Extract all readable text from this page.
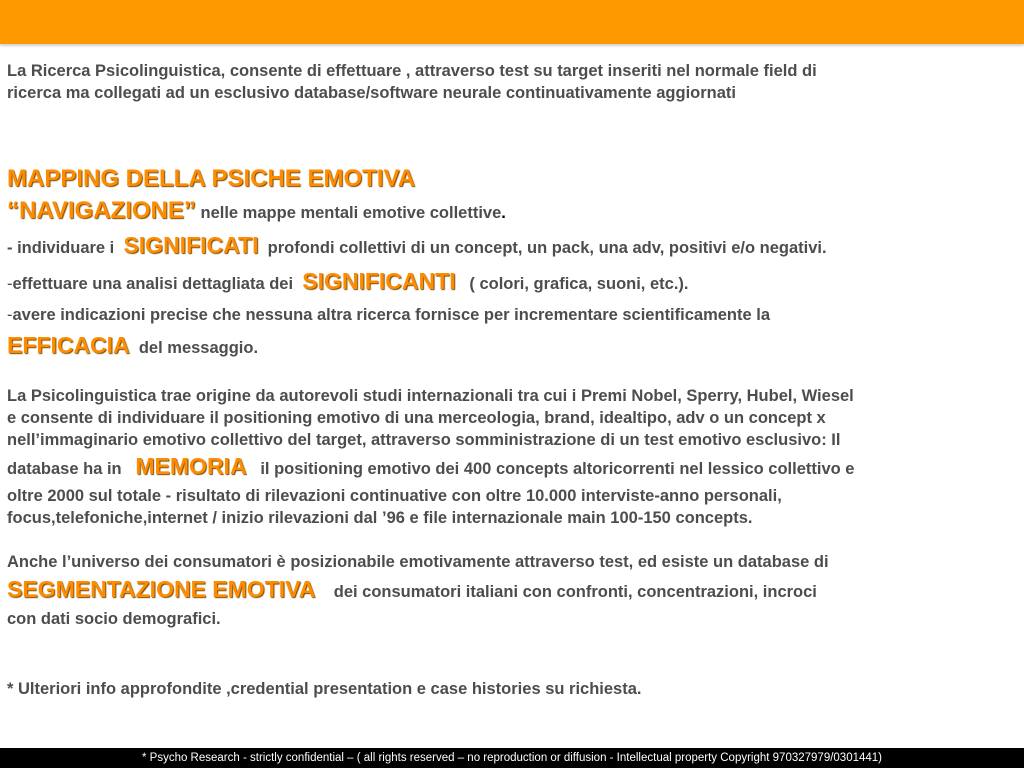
La Ricerca Psicolinguistica, consente di effettuare , attraverso test su target inseriti nel normale field di

ricerca ma collegati ad un esclusivo database/software neurale continuativamente aggiornati

MAPPING DELLA PSICHE EMOTIVA

“NAVIGAZIONE” nelle mappe mentali emotive collettive.

- individuare i SIGNIFICATI profondi collettivi di un concept, un pack, una adv, positivi e/o negativi.

-effettuare una analisi dettagliata dei SIGNIFICANTI ( colori, grafica, suoni, etc.).

-avere indicazioni precise che nessuna altra ricerca fornisce per incrementare scientificamente la

EFFICACIA del messaggio.

La Psicolinguistica trae origine da autorevoli studi internazionali tra cui i Premi Nobel, Sperry, Hubel, Wiesel

e consente di individuare il positioning emotivo di una merceologia, brand, idealtipo, adv o un concept x

nell’immaginario emotivo collettivo del target, attraverso somministrazione di un test emotivo esclusivo: Il

database ha in MEMORIA il positioning emotivo dei 400 concepts altoricorrenti nel lessico collettivo e

oltre 2000 sul totale - risultato di rilevazioni continuative con oltre 10.000 interviste-anno personali,

focus,telefoniche,internet / inizio rilevazioni dal ’96 e file internazionale main 100-150 concepts.

Anche l’universo dei consumatori è posizionabile emotivamente attraverso test, ed esiste un database di

SEGMENTAZIONE EMOTIVA dei consumatori italiani con confronti, concentrazioni, incroci

con dati socio demografici.

* Ulteriori info approfondite ,credential presentation e case histories su richiesta.

* Psycho Research - strictly confidential – ( all rights reserved – no reproduction or diffusion - Intellectual property Copyright 970327979/0301441)
